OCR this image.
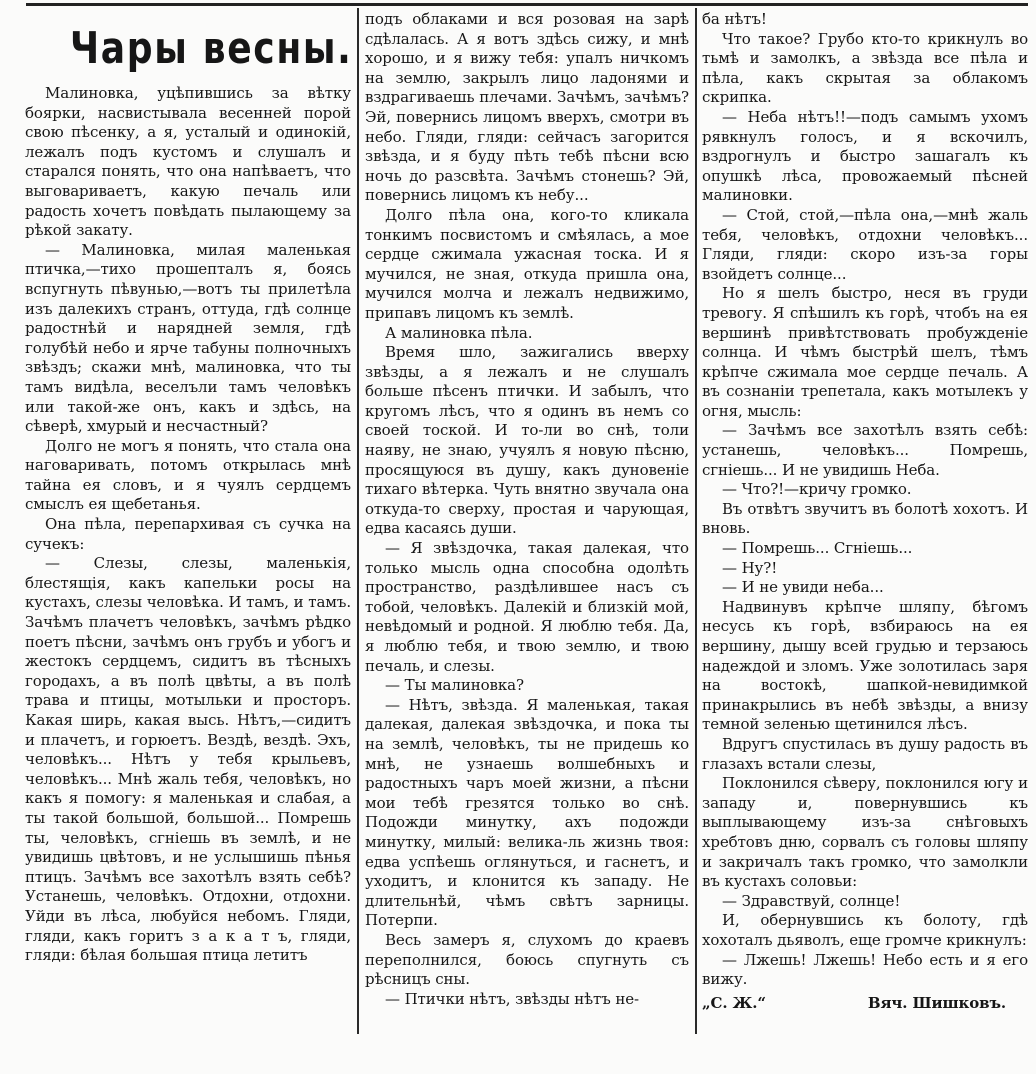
Чары весны.

Малиновка, уцѣпившись за вѣтку боярки, насвистывала весенней порой свою пѣсенку, а я, усталый и одинокiй, лежалъ подъ кустомъ и слушалъ и старался понять, что она напѣваетъ, что выговариваетъ, какую печаль или радость хочетъ повѣдать пылающему за рѣкой закату.

— Малиновка, милая маленькая птичка,—тихо прошепталъ я, боясь вспугнуть пѣвунью,—вотъ ты прилетѣла изъ далекихъ странъ, оттуда, гдѣ солнце радостнѣй и нарядней земля, гдѣ голубѣй небо и ярче табуны полночныхъ звѣздъ; скажи мнѣ, малиновка, что ты тамъ видѣла, веселъли тамъ человѣкъ или такой-же онъ, какъ и здѣсь, на сѣверѣ, хмурый и несчастный?

Долго не могъ я понять, что стала она наговаривать, потомъ открылась мнѣ тайна ея словъ, и я чуялъ сердцемъ смыслъ ея щебетанья.

Она пѣла, перепархивая съ сучка на сучекъ:

— Слезы, слезы, маленькiя, блестящiя, какъ капельки росы на кустахъ, слезы человѣка. И тамъ, и тамъ. Зачѣмъ плачетъ человѣкъ, зачѣмъ рѣдко поетъ пѣсни, зачѣмъ онъ грубъ и убогъ и жестокъ сердцемъ, сидитъ въ тѣсныхъ городахъ, а въ полѣ цвѣты, а въ полѣ трава и птицы, мотыльки и просторъ. Какая ширь, какая высь. Нѣтъ,—сидитъ и плачетъ, и горюетъ. Вездѣ, вездѣ. Эхъ, человѣкъ... Нѣтъ у тебя крыльевъ, человѣкъ... Мнѣ жаль тебя, человѣкъ, но какъ я помогу: я маленькая и слабая, а ты такой большой, большой... Помрешь ты, человѣкъ, сгнiешь въ землѣ, и не увидишь цвѣтовъ, и не услышишь пѣнья птицъ. Зачѣмъ все захотѣлъ взять себѣ? Устанешь, человѣкъ. Отдохни, отдохни. Уйди въ лѣса, любуйся небомъ. Гляди, гляди, какъ горитъ з а к а т ъ, гляди, гляди: бѣлая большая птица летитъ

подъ облаками и вся розовая на зарѣ сдѣлалась. А я вотъ здѣсь сижу, и мнѣ хорошо, и я вижу тебя: упалъ ничкомъ на землю, закрылъ лицо ладонями и вздрагиваешь плечами. Зачѣмъ, зачѣмъ? Эй, повернись лицомъ вверхъ, смотри въ небо. Гляди, гляди: сейчасъ загорится звѣзда, и я буду пѣть тебѣ пѣсни всю ночь до разсвѣта. Зачѣмъ стонешь? Эй, повернись лицомъ къ небу...

Долго пѣла она, кого-то кликала тонкимъ посвистомъ и смѣялась, а мое сердце сжимала ужасная тоска. И я мучился, не зная, откуда пришла она, мучился молча и лежалъ недвижимо, припавъ лицомъ къ землѣ.

А малиновка пѣла.

Время шло, зажигались вверху звѣзды, а я лежалъ и не слушалъ больше пѣсенъ птички. И забылъ, что кругомъ лѣсъ, что я одинъ въ немъ со своей тоской. И то-ли во снѣ, толи наяву, не знаю, учуялъ я новую пѣсню, просящуюся въ душу, какъ дуновенiе тихаго вѣтерка. Чуть внятно звучала она откуда-то сверху, простая и чарующая, едва касаясь души.

— Я звѣздочка, такая далекая, что только мысль одна способна одолѣть пространство, раздѣлившее насъ съ тобой, человѣкъ. Далекiй и близкiй мой, невѣдомый и родной. Я люблю тебя. Да, я люблю тебя, и твою землю, и твою печаль, и слезы.

— Ты малиновка?

— Нѣтъ, звѣзда. Я маленькая, такая далекая, далекая звѣздочка, и пока ты на землѣ, человѣкъ, ты не придешь ко мнѣ, не узнаешь волшебныхъ и радостныхъ чаръ моей жизни, а пѣсни мои тебѣ грезятся только во снѣ. Подожди минутку, ахъ подожди минутку, милый: велика-ль жизнь твоя: едва успѣешь оглянуться, и гаснетъ, и уходитъ, и клонится къ западу. Не длительнѣй, чѣмъ свѣтъ зарницы. Потерпи.

Весь замеръ я, слухомъ до краевъ переполнился, боюсь спугнуть съ рѣсницъ сны.

— Птички нѣтъ, звѣзды нѣтъ не-

ба нѣтъ!

Что такое? Грубо кто-то крикнулъ во тьмѣ и замолкъ, а звѣзда все пѣла и пѣла, какъ скрытая за облакомъ скрипка.

— Неба нѣтъ!!—подъ самымъ ухомъ рявкнулъ голосъ, и я вскочилъ, вздрогнулъ и быстро зашагалъ къ опушкѣ лѣса, провожаемый пѣсней малиновки.

— Стой, стой,—пѣла она,—мнѣ жаль тебя, человѣкъ, отдохни человѣкъ... Гляди, гляди: скоро изъ-за горы взойдетъ солнце...

Но я шелъ быстро, неся въ груди тревогу. Я спѣшилъ къ горѣ, чтобъ на ея вершинѣ привѣтствовать пробужденiе солнца. И чѣмъ быстрѣй шелъ, тѣмъ крѣпче сжимала мое сердце печаль. А въ сознанiи трепетала, какъ мотылекъ у огня, мысль:

— Зачѣмъ все захотѣлъ взять себѣ: устанешь, человѣкъ... Помрешь, сгнiешь... И не увидишь Неба.

— Что?!—кричу громко.

Въ отвѣтъ звучитъ въ болотѣ хохотъ. И вновь.

— Помрешь... Сгнiешь...

— Ну?!

— И не увиди неба...

Надвинувъ крѣпче шляпу, бѣгомъ несусь къ горѣ, взбираюсь на ея вершину, дышу всей грудью и терзаюсь надеждой и зломъ. Уже золотилась заря на востокѣ, шапкой-невидимкой принакрылись въ небѣ звѣзды, а внизу темной зеленью щетинился лѣсъ.

Вдругъ спустилась въ душу радость въ глазахъ встали слезы,

Поклонился сѣверу, поклонился югу и западу и, повернувшись къ выплывающему изъ-за снѣговыхъ хребтовъ дню, сорвалъ съ головы шляпу и закричалъ такъ громко, что замолкли въ кустахъ соловьи:

— Здравствуй, солнце!

И, обернувшись къ болоту, гдѣ хохоталъ дьяволъ, еще громче крикнулъ:

— Лжешь! Лжешь! Небо есть и я его вижу.

„С. Ж.“	Вяч. Шишковъ.
